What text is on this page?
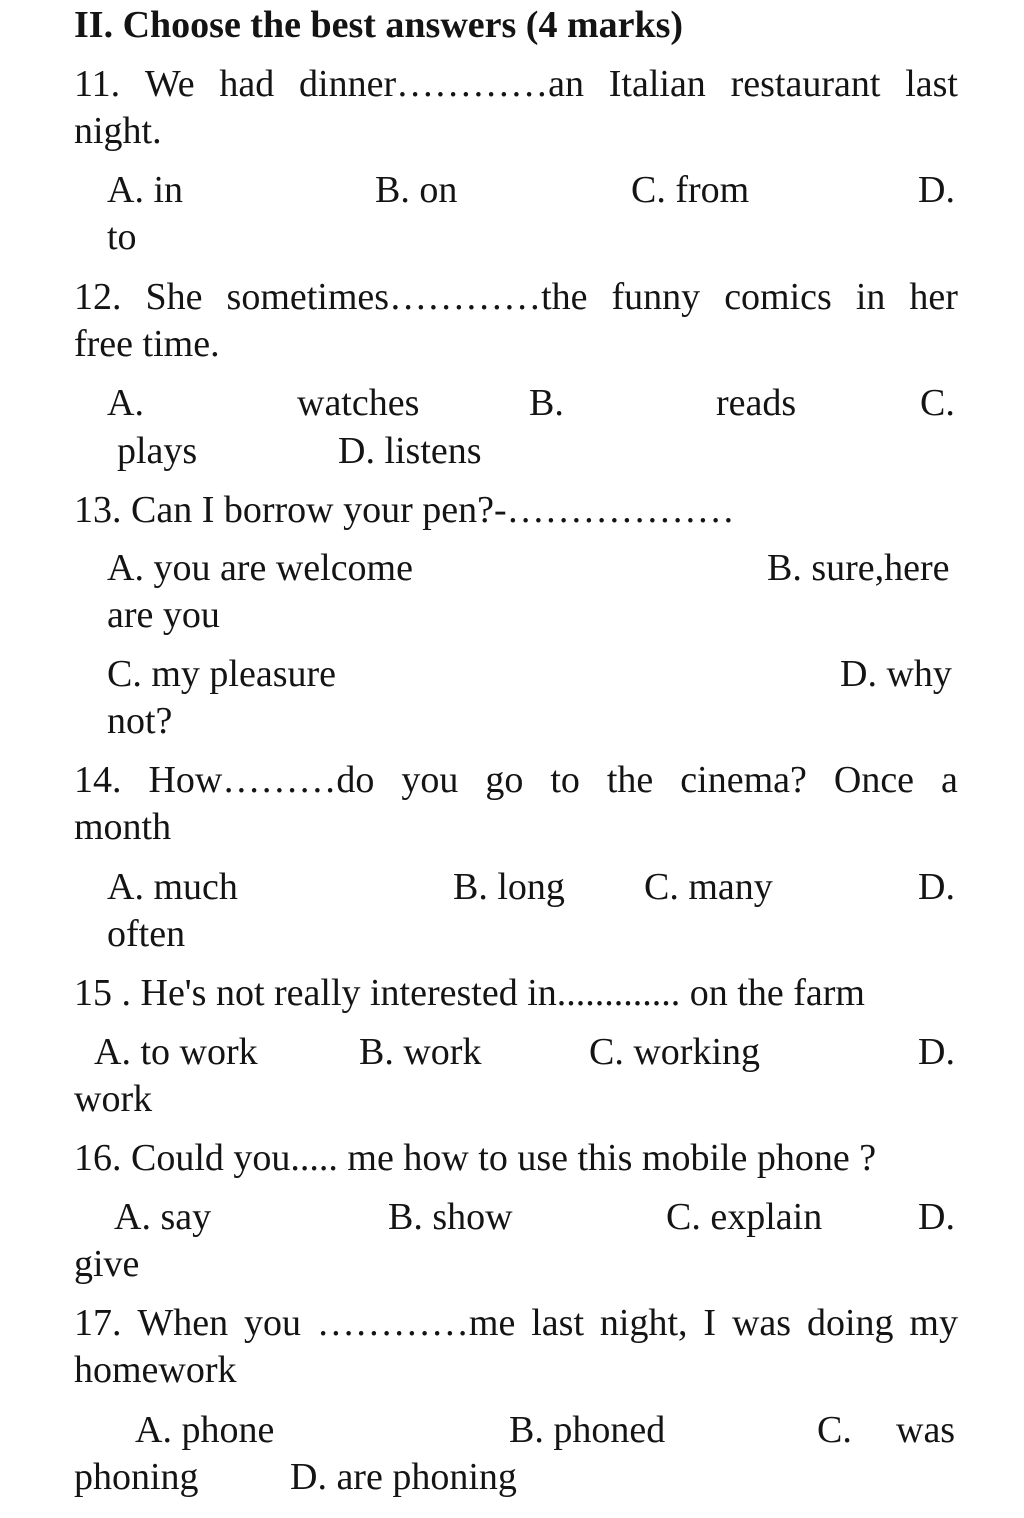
II. Choose the best answers (4 marks)
11. We had dinner…………an Italian restaurant last
night.
A. in	B. on	C. from	D.
to
12. She sometimes…………the funny comics in her
free time.
A.	watches	B.	reads	C.
plays	D. listens
13. Can I borrow your pen?-………………
A. you are welcome	B. sure,here
are you
C. my pleasure	D. why
not?
14. How………do you go to the cinema? Once a
month
A. much	B. long C. many	D.
often
15 . He's not really interested in............. on the farm
A. to work	B. work	C. working	D.
work
16. Could you..... me how to use this mobile phone ?
A. say	B. show	C. explain	D.
give
17. When you …………me last night, I was doing my
homework
A. phone	B. phoned	C. was
phoning D. are phoning
